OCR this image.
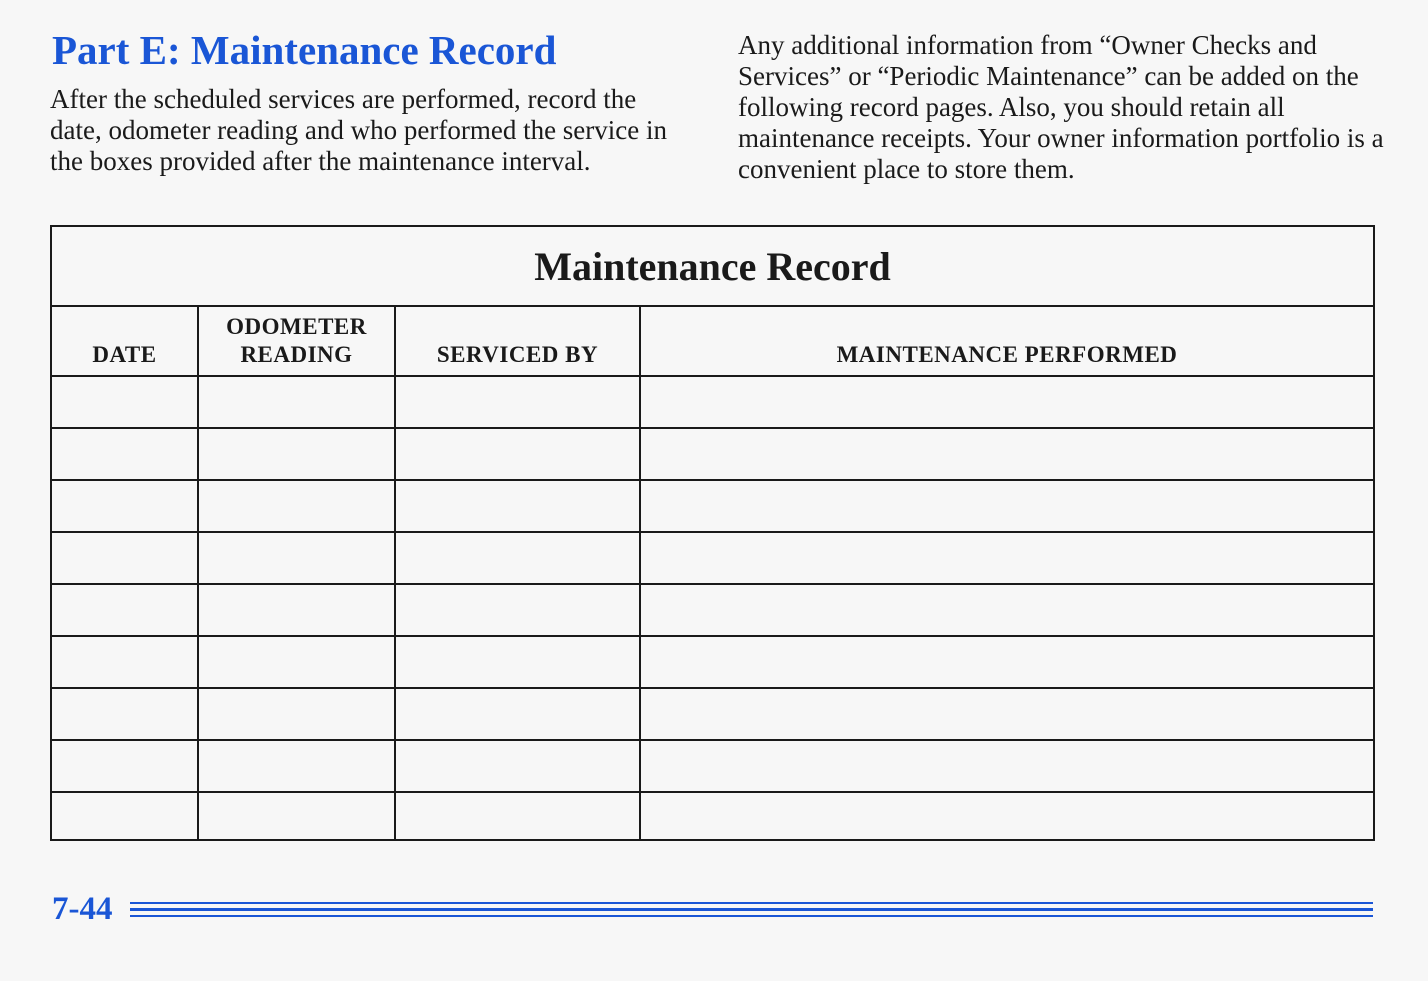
Part E: Maintenance Record

After the scheduled services are performed, record the date, odometer reading and who performed the service in the boxes provided after the maintenance interval.

Any additional information from “Owner Checks and Services” or “Periodic Maintenance” can be added on the following record pages. Also, you should retain all maintenance receipts. Your owner information portfolio is a convenient place to store them.

Maintenance Record
DATE
ODOMETER READING	SERVICED BY	MAINTENANCE PERFORMED
7-44
